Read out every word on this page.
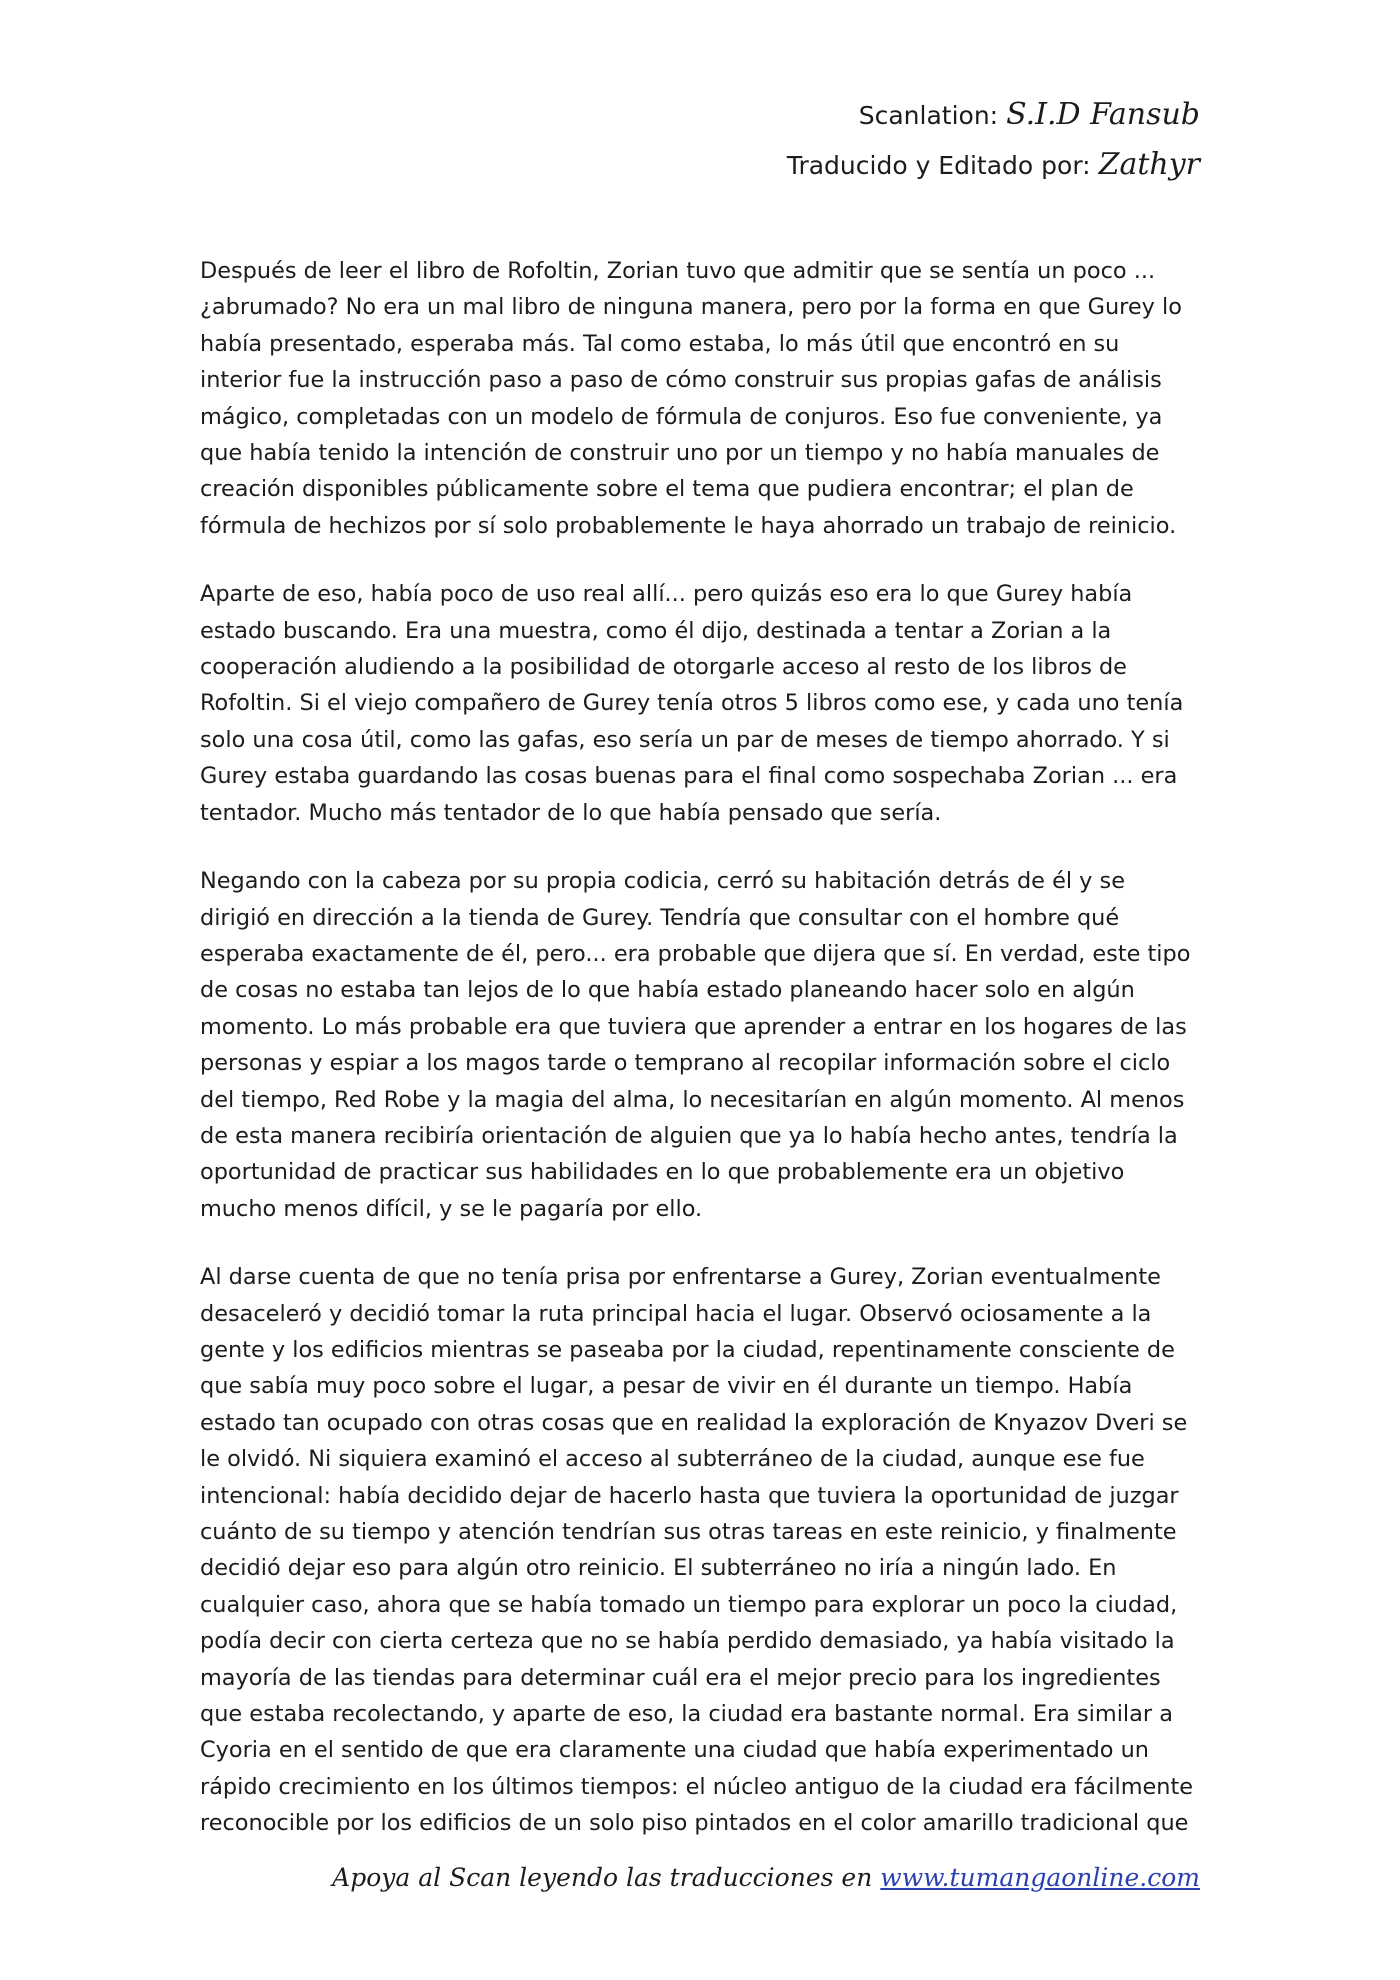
Scanlation: S.I.D Fansub
Traducido y Editado por: Zathyr

Después de leer el libro de Rofoltin, Zorian tuvo que admitir que se sentía un poco ... ¿abrumado? No era un mal libro de ninguna manera, pero por la forma en que Gurey lo había presentado, esperaba más. Tal como estaba, lo más útil que encontró en su interior fue la instrucción paso a paso de cómo construir sus propias gafas de análisis mágico, completadas con un modelo de fórmula de conjuros. Eso fue conveniente, ya que había tenido la intención de construir uno por un tiempo y no había manuales de creación disponibles públicamente sobre el tema que pudiera encontrar; el plan de fórmula de hechizos por sí solo probablemente le haya ahorrado un trabajo de reinicio.

Aparte de eso, había poco de uso real allí... pero quizás eso era lo que Gurey había estado buscando. Era una muestra, como él dijo, destinada a tentar a Zorian a la cooperación aludiendo a la posibilidad de otorgarle acceso al resto de los libros de Rofoltin. Si el viejo compañero de Gurey tenía otros 5 libros como ese, y cada uno tenía solo una cosa útil, como las gafas, eso sería un par de meses de tiempo ahorrado. Y si Gurey estaba guardando las cosas buenas para el final como sospechaba Zorian ... era tentador. Mucho más tentador de lo que había pensado que sería.

Negando con la cabeza por su propia codicia, cerró su habitación detrás de él y se dirigió en dirección a la tienda de Gurey. Tendría que consultar con el hombre qué esperaba exactamente de él, pero... era probable que dijera que sí. En verdad, este tipo de cosas no estaba tan lejos de lo que había estado planeando hacer solo en algún momento. Lo más probable era que tuviera que aprender a entrar en los hogares de las personas y espiar a los magos tarde o temprano al recopilar información sobre el ciclo del tiempo, Red Robe y la magia del alma, lo necesitarían en algún momento. Al menos de esta manera recibiría orientación de alguien que ya lo había hecho antes, tendría la oportunidad de practicar sus habilidades en lo que probablemente era un objetivo mucho menos difícil, y se le pagaría por ello.

Al darse cuenta de que no tenía prisa por enfrentarse a Gurey, Zorian eventualmente desaceleró y decidió tomar la ruta principal hacia el lugar. Observó ociosamente a la gente y los edificios mientras se paseaba por la ciudad, repentinamente consciente de que sabía muy poco sobre el lugar, a pesar de vivir en él durante un tiempo. Había estado tan ocupado con otras cosas que en realidad la exploración de Knyazov Dveri se le olvidó. Ni siquiera examinó el acceso al subterráneo de la ciudad, aunque ese fue intencional: había decidido dejar de hacerlo hasta que tuviera la oportunidad de juzgar cuánto de su tiempo y atención tendrían sus otras tareas en este reinicio, y finalmente decidió dejar eso para algún otro reinicio. El subterráneo no iría a ningún lado. En cualquier caso, ahora que se había tomado un tiempo para explorar un poco la ciudad, podía decir con cierta certeza que no se había perdido demasiado, ya había visitado la mayoría de las tiendas para determinar cuál era el mejor precio para los ingredientes que estaba recolectando, y aparte de eso, la ciudad era bastante normal. Era similar a Cyoria en el sentido de que era claramente una ciudad que había experimentado un rápido crecimiento en los últimos tiempos: el núcleo antiguo de la ciudad era fácilmente reconocible por los edificios de un solo piso pintados en el color amarillo tradicional que

Apoya al Scan leyendo las traducciones en www.tumangaonline.com
